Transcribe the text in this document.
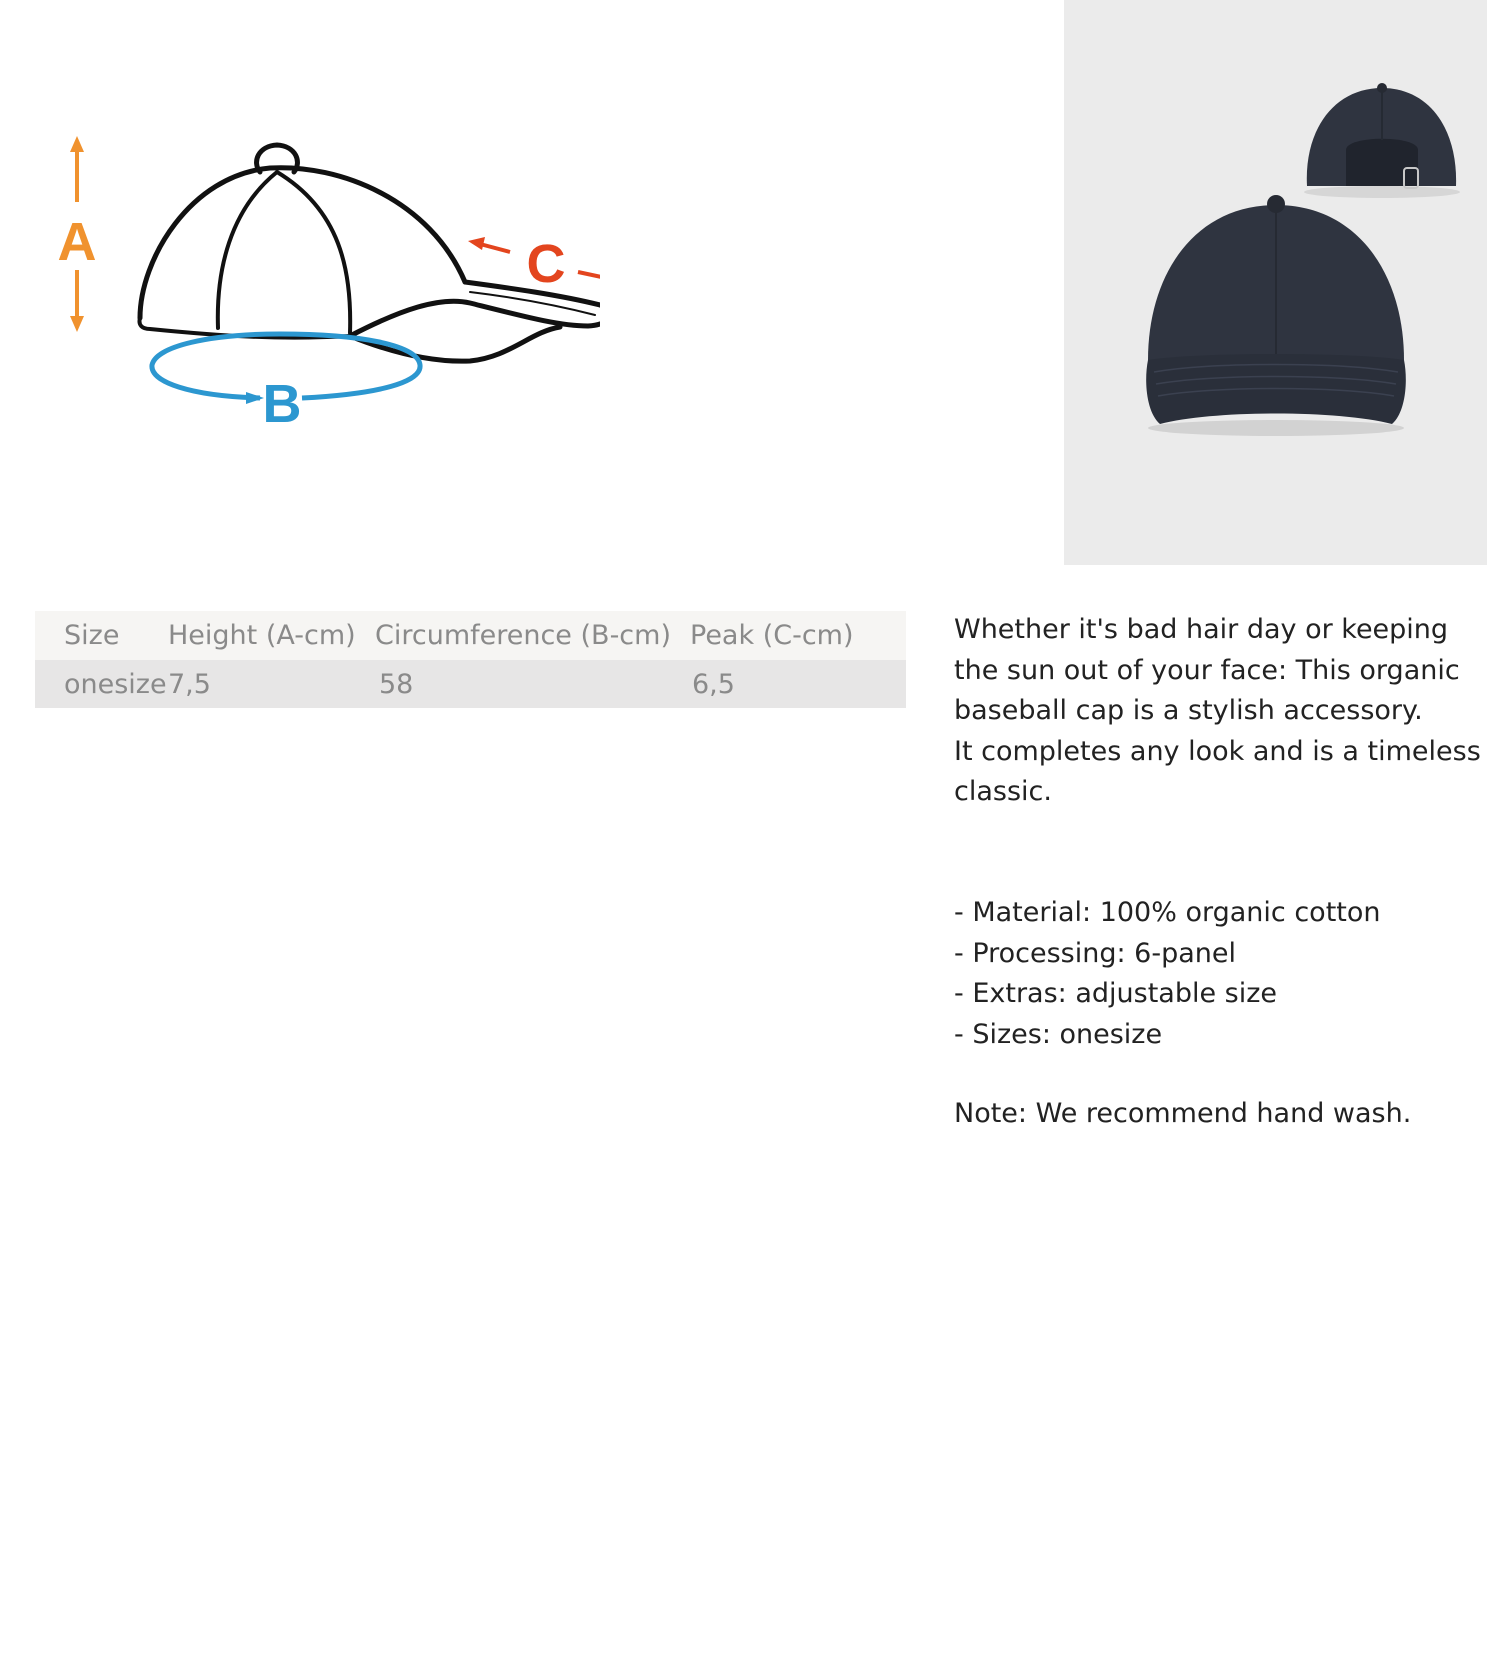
A	C
B
Size	Height (A-cm)	Circumference (B-cm)	Peak (C-cm)
onesize	7,5	58	6,5

Whether it's bad hair day or keeping the sun out of your face: This organic baseball cap is a stylish accessory.

It completes any look and is a timeless classic.

- Material: 100% organic cotton
- Processing: 6-panel
- Extras: adjustable size
- Sizes: onesize
Note: We recommend hand wash.
